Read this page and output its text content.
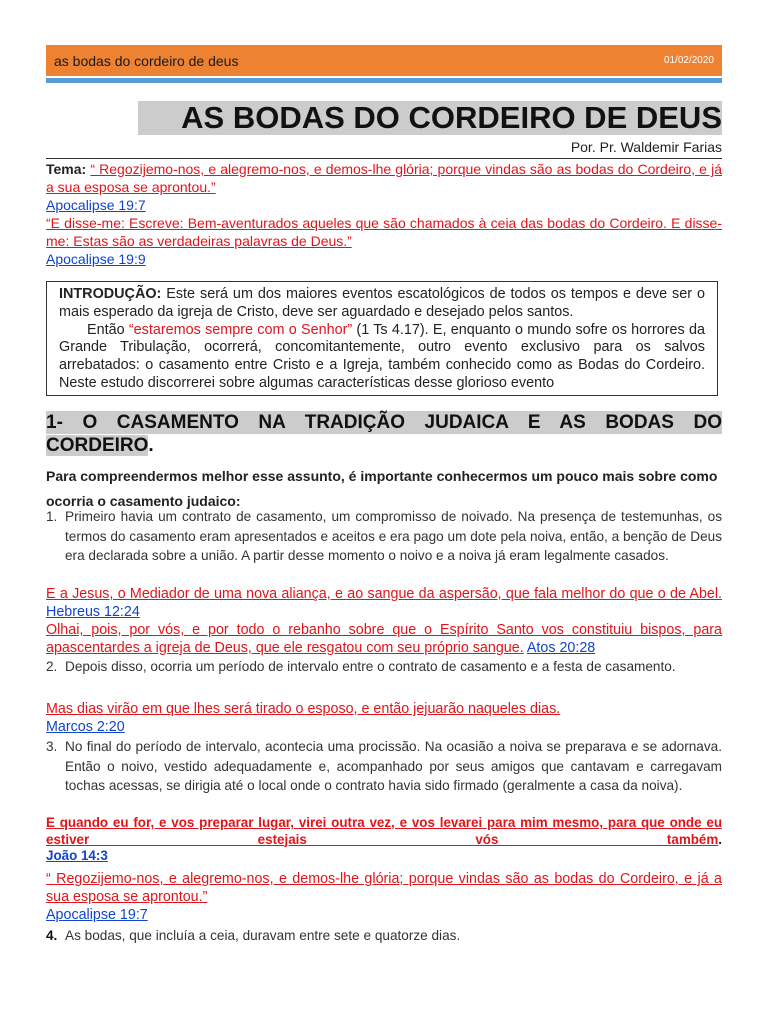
as bodas do cordeiro de deus	01/02/2020
AS BODAS DO CORDEIRO DE DEUS
Por. Pr. Waldemir Farias
Tema: “ Regozijemo-nos, e alegremo-nos, e demos-lhe glória; porque vindas são as bodas do Cordeiro, e já a sua esposa se aprontou.”
Apocalipse 19:7
“E disse-me: Escreve: Bem-aventurados aqueles que são chamados à ceia das bodas do Cordeiro. E disse-me: Estas são as verdadeiras palavras de Deus.”
Apocalipse 19:9
INTRODUÇÃO: Este será um dos maiores eventos escatológicos de todos os tempos e deve ser o mais esperado da igreja de Cristo, deve ser aguardado e desejado pelos santos.
Então “estaremos sempre com o Senhor” (1 Ts 4.17). E, enquanto o mundo sofre os horrores da Grande Tribulação, ocorrerá, concomitantemente, outro evento exclusivo para os salvos arrebatados: o casamento entre Cristo e a Igreja, também conhecido como as Bodas do Cordeiro. Neste estudo discorrerei sobre algumas características desse glorioso evento
1- O CASAMENTO NA TRADIÇÃO JUDAICA E AS BODAS DO
CORDEIRO.
Para compreendermos melhor esse assunto, é importante conhecermos um pouco mais sobre como ocorria o casamento judaico:
1. Primeiro havia um contrato de casamento, um compromisso de noivado. Na presença de testemunhas, os termos do casamento eram apresentados e aceitos e era pago um dote pela noiva, então, a benção de Deus era declarada sobre a união. A partir desse momento o noivo e a noiva já eram legalmente casados.
E a Jesus, o Mediador de uma nova aliança, e ao sangue da aspersão, que fala melhor do que o de Abel. Hebreus 12:24
Olhai, pois, por vós, e por todo o rebanho sobre que o Espírito Santo vos constituiu bispos, para apascentardes a igreja de Deus, que ele resgatou com seu próprio sangue. Atos 20:28
2. Depois disso, ocorria um período de intervalo entre o contrato de casamento e a festa de casamento.
Mas dias virão em que lhes será tirado o esposo, e então jejuarão naqueles dias.
Marcos 2:20
3. No final do período de intervalo, acontecia uma procissão. Na ocasião a noiva se preparava e se adornava. Então o noivo, vestido adequadamente e, acompanhado por seus amigos que cantavam e carregavam tochas acessas, se dirigia até o local onde o contrato havia sido firmado (geralmente a casa da noiva).
E quando eu for, e vos preparar lugar, virei outra vez, e vos levarei para mim mesmo, para que onde eu estiver estejais vós também.
João 14:3
“ Regozijemo-nos, e alegremo-nos, e demos-lhe glória; porque vindas são as bodas do Cordeiro, e já a sua esposa se aprontou.”
Apocalipse 19:7
4. As bodas, que incluía a ceia, duravam entre sete e quatorze dias.
